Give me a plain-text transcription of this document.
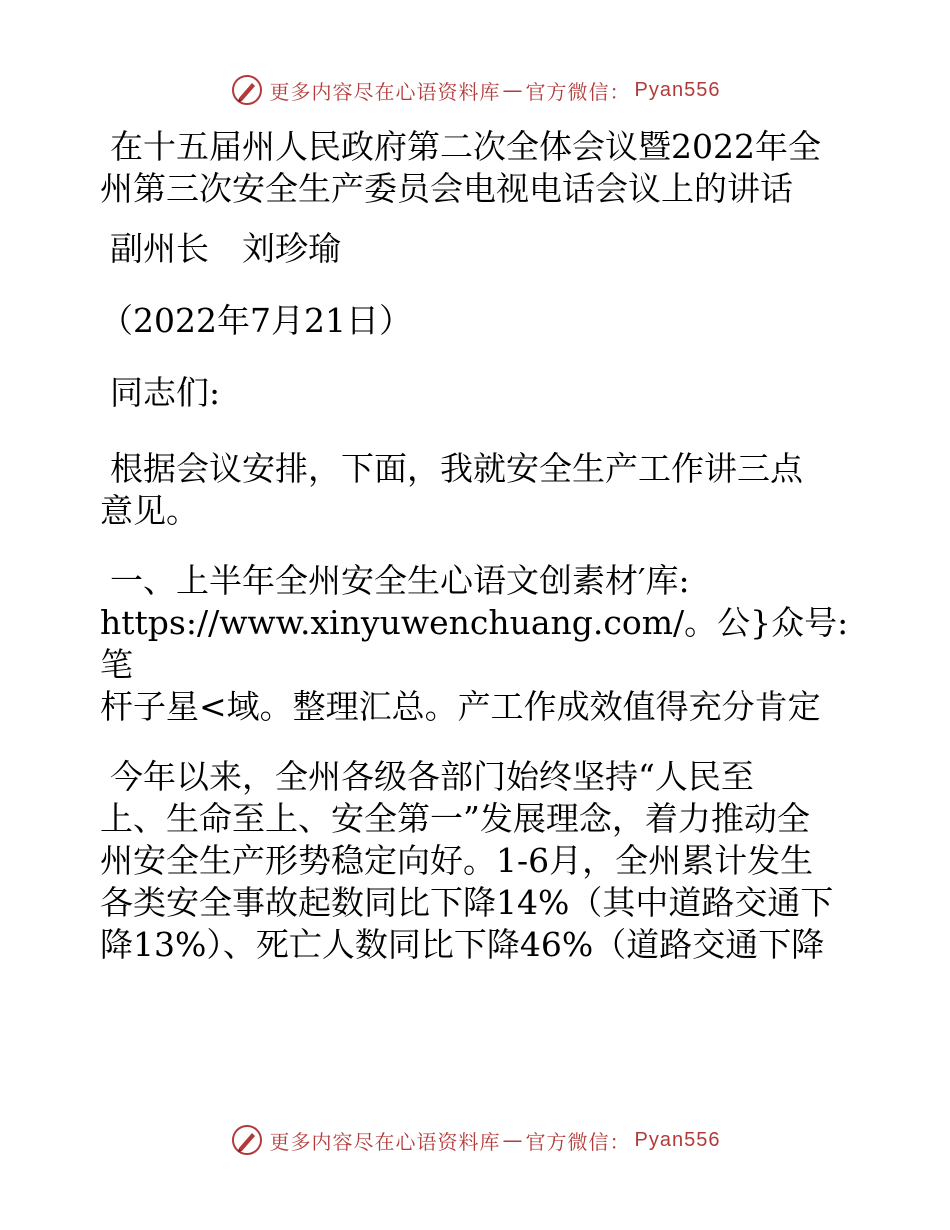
更多内容尽在心语资料库 — 官方微信： Pyan556

在十五届州人民政府第二次全体会议暨2022年全

州第三次安全生产委员会电视电话会议上的讲话

副州长　刘珍瑜

（2022年7月21日）

同志们:

根据会议安排，下面，我就安全生产工作讲三点

意见。

一、上半年全州安全生心语文创素材′库:

https://www.xinyuwenchuang.com/。公}众号: 笔

杆子星<域。整理汇总。产工作成效值得充分肯定

今年以来，全州各级各部门始终坚持“人民至

上、生命至上、安全第一”发展理念，着力推动全

州安全生产形势稳定向好。1-6月，全州累计发生

各类安全事故起数同比下降14%（其中道路交通下

降13%）、死亡人数同比下降46%（道路交通下降

更多内容尽在心语资料库 — 官方微信： Pyan556
